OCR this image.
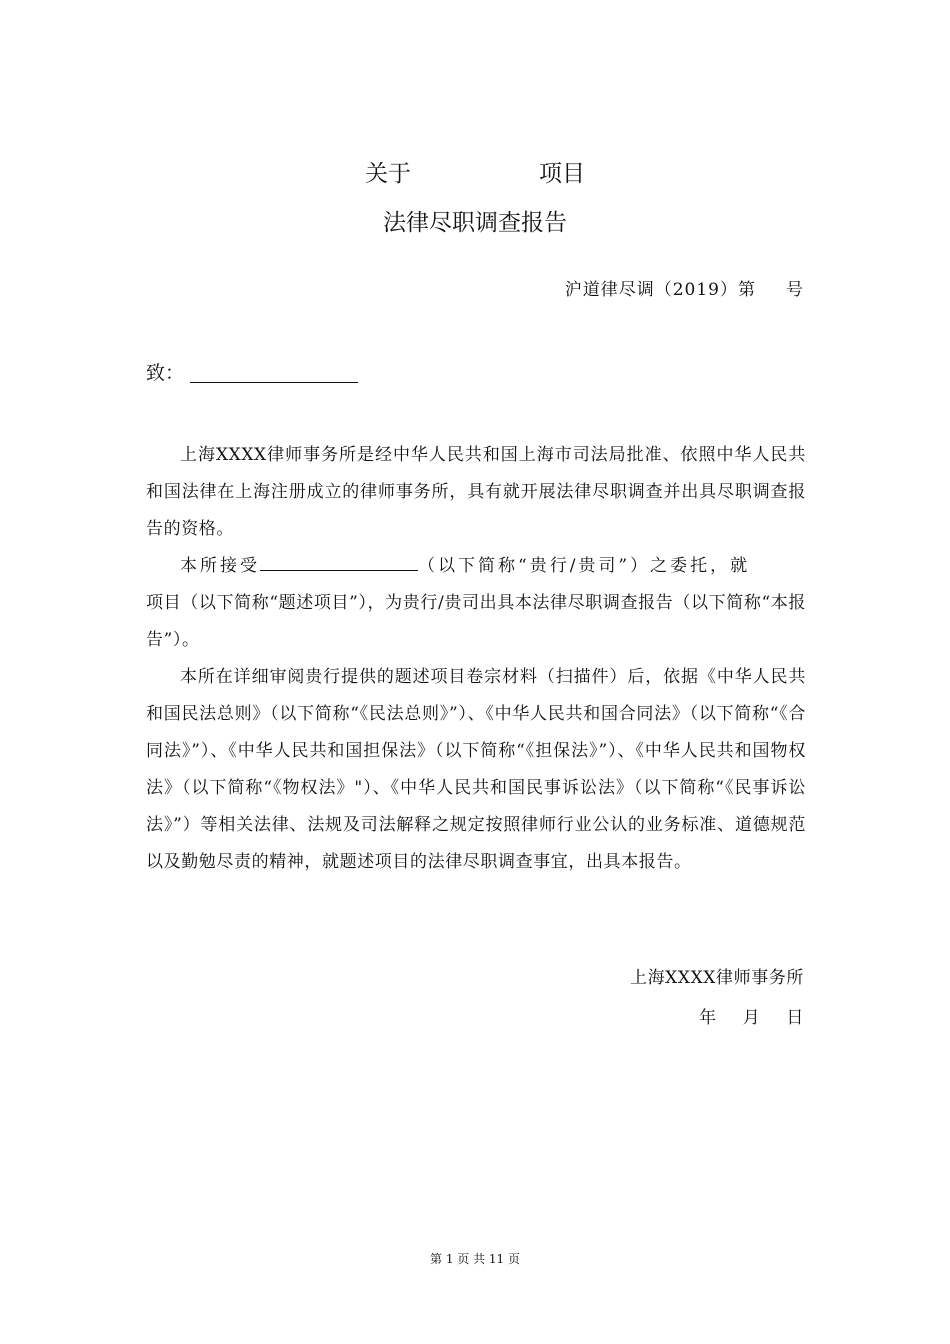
关于	项目
法律尽职调查报告
沪道律尽调（2019）第 号
致：

上海XXXX律师事务所是经中华人民共和国上海市司法局批准、依照中华人民共和国法律在上海注册成立的律师事务所，具有就开展法律尽职调查并出具尽职调查报告的资格。

本所接受	（以下简称“贵行/贵司”）之委托，就
项目（以下简称“题述项目”），为贵行/贵司出具本法律尽职调查报告（以下简称“本报告”）。

本所在详细审阅贵行提供的题述项目卷宗材料（扫描件）后，依据《中华人民共和国民法总则》（以下简称“《民法总则》”）、《中华人民共和国合同法》（以下简称“《合同法》”）、《中华人民共和国担保法》（以下简称“《担保法》”）、《中华人民共和国物权法》（以下简称“《物权法》"）、《中华人民共和国民事诉讼法》（以下简称“《民事诉讼法》”）等相关法律、法规及司法解释之规定按照律师行业公认的业务标准、道德规范以及勤勉尽责的精神，就题述项目的法律尽职调查事宜，出具本报告。

上海XXXX律师事务所
年 月 日
第 1 页 共 11 页
